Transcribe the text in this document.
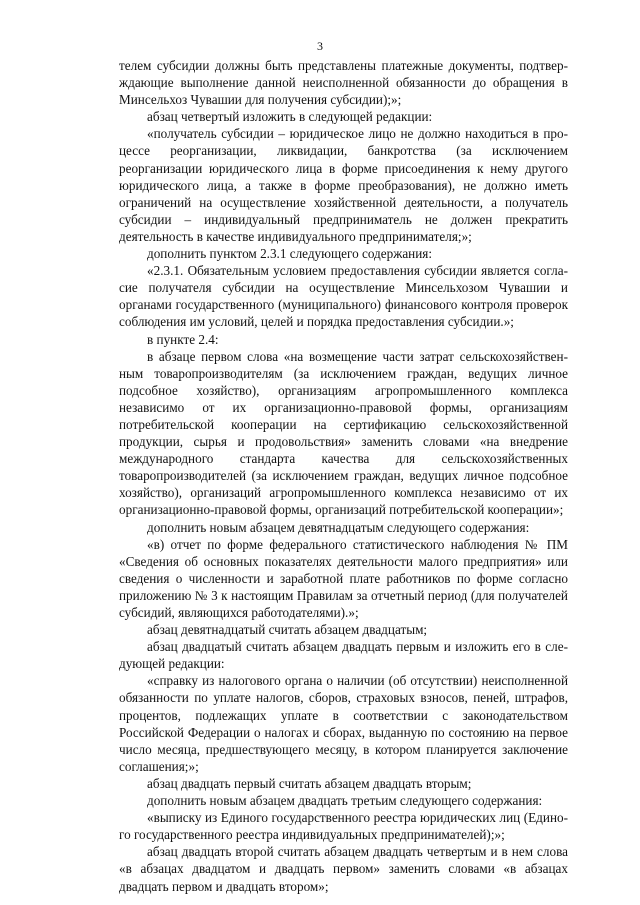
3

телем субсидии должны быть представлены платежные документы, подтверждающие выполнение данной неисполненной обязанности до обращения в Минсельхоз Чувашии для получения субсидии);»;

абзац четвертый изложить в следующей редакции:

«получатель субсидии – юридическое лицо не должно находиться в процессе реорганизации, ликвидации, банкротства (за исключением реорганизации юридического лица в форме присоединения к нему другого юридического лица, а также в форме преобразования), не должно иметь ограничений на осуществление хозяйственной деятельности, а получатель субсидии – индивидуальный предприниматель не должен прекратить деятельность в качестве индивидуального предпринимателя;»;

дополнить пунктом 2.3.1 следующего содержания:

«2.3.1. Обязательным условием предоставления субсидии является согласие получателя субсидии на осуществление Минсельхозом Чувашии и органами государственного (муниципального) финансового контроля проверок соблюдения им условий, целей и порядка предоставления субсидии.»;

в пункте 2.4:

в абзаце первом слова «на возмещение части затрат сельскохозяйственным товаропроизводителям (за исключением граждан, ведущих личное подсобное хозяйство), организациям агропромышленного комплекса независимо от их организационно-правовой формы, организациям потребительской кооперации на сертификацию сельскохозяйственной продукции, сырья и продовольствия» заменить словами «на внедрение международного стандарта качества для сельскохозяйственных товаропроизводителей (за исключением граждан, ведущих личное подсобное хозяйство), организаций агропромышленного комплекса независимо от их организационно-правовой формы, организаций потребительской кооперации»;

дополнить новым абзацем девятнадцатым следующего содержания:

«в) отчет по форме федерального статистического наблюдения № ПМ «Сведения об основных показателях деятельности малого предприятия» или сведения о численности и заработной плате работников по форме согласно приложению № 3 к настоящим Правилам за отчетный период (для получателей субсидий, являющихся работодателями).»;

абзац девятнадцатый считать абзацем двадцатым;

абзац двадцатый считать абзацем двадцать первым и изложить его в следующей редакции:

«справку из налогового органа о наличии (об отсутствии) неисполненной обязанности по уплате налогов, сборов, страховых взносов, пеней, штрафов, процентов, подлежащих уплате в соответствии с законодательством Российской Федерации о налогах и сборах, выданную по состоянию на первое число месяца, предшествующего месяцу, в котором планируется заключение соглашения;»;

абзац двадцать первый считать абзацем двадцать вторым;

дополнить новым абзацем двадцать третьим следующего содержания:

«выписку из Единого государственного реестра юридических лиц (Единого государственного реестра индивидуальных предпринимателей);»;

абзац двадцать второй считать абзацем двадцать четвертым и в нем слова «в абзацах двадцатом и двадцать первом» заменить словами «в абзацах двадцать первом и двадцать втором»;
